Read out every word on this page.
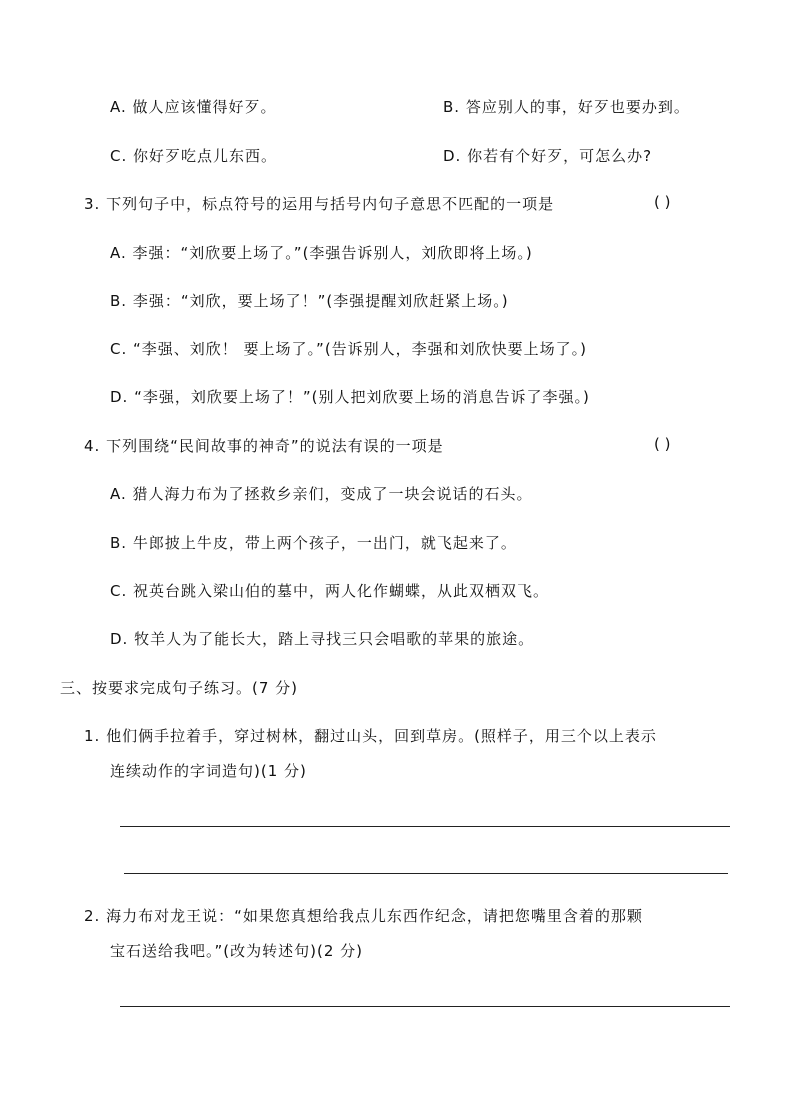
A. 做人应该懂得好歹。	B. 答应别人的事，好歹也要办到。
C. 你好歹吃点儿东西。	D. 你若有个好歹，可怎么办?
3. 下列句子中，标点符号的运用与括号内句子意思不匹配的一项是	( )
A. 李强：“刘欣要上场了。”(李强告诉别人，刘欣即将上场。)
B. 李强：“刘欣，要上场了！”(李强提醒刘欣赶紧上场。)
C. “李强、刘欣！ 要上场了。”(告诉别人，李强和刘欣快要上场了。)
D. “李强，刘欣要上场了！”(别人把刘欣要上场的消息告诉了李强。)
4. 下列围绕“民间故事的神奇”的说法有误的一项是	( )
A. 猎人海力布为了拯救乡亲们，变成了一块会说话的石头。
B. 牛郎披上牛皮，带上两个孩子，一出门，就飞起来了。
C. 祝英台跳入梁山伯的墓中，两人化作蝴蝶，从此双栖双飞。
D. 牧羊人为了能长大，踏上寻找三只会唱歌的苹果的旅途。
三、按要求完成句子练习。(7 分)
1. 他们俩手拉着手，穿过树林，翻过山头，回到草房。(照样子，用三个以上表示
连续动作的字词造句)(1 分)
2. 海力布对龙王说：“如果您真想给我点儿东西作纪念，请把您嘴里含着的那颗
宝石送给我吧。”(改为转述句)(2 分)
